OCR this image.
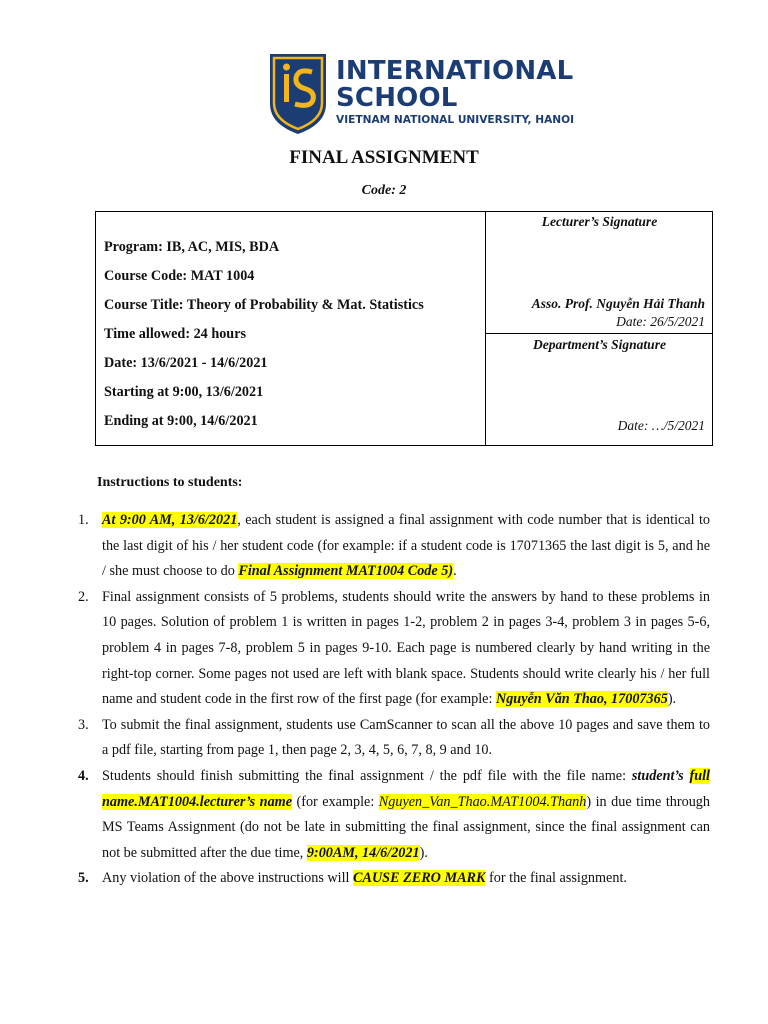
INTERNATIONAL
SCHOOL
VIETNAM NATIONAL UNIVERSITY, HANOI
FINAL ASSIGNMENT
Code: 2
Program: IB, AC, MIS, BDA
Course Code: MAT 1004
Course Title: Theory of Probability & Mat. Statistics
Time allowed: 24 hours
Date: 13/6/2021 - 14/6/2021
Starting at 9:00, 13/6/2021
Ending at 9:00, 14/6/2021
Lecturer’s Signature
Asso. Prof. Nguyễn Hải Thanh
Date: 26/5/2021
Department’s Signature
Date: …/5/2021
Instructions to students:
1. At 9:00 AM, 13/6/2021, each student is assigned a final assignment with code number that is identical to the last digit of his / her student code (for example: if a student code is 17071365 the last digit is 5, and he / she must choose to do Final Assignment MAT1004 Code 5).
2. Final assignment consists of 5 problems, students should write the answers by hand to these problems in 10 pages. Solution of problem 1 is written in pages 1-2, problem 2 in pages 3-4, problem 3 in pages 5-6, problem 4 in pages 7-8, problem 5 in pages 9-10. Each page is numbered clearly by hand writing in the right-top corner. Some pages not used are left with blank space. Students should write clearly his / her full name and student code in the first row of the first page (for example: Nguyễn Văn Thao, 17007365).
3. To submit the final assignment, students use CamScanner to scan all the above 10 pages and save them to a pdf file, starting from page 1, then page 2, 3, 4, 5, 6, 7, 8, 9 and 10.
4. Students should finish submitting the final assignment / the pdf file with the file name: student’s full name.MAT1004.lecturer’s name (for example: Nguyen_Van_Thao.MAT1004.Thanh) in due time through MS Teams Assignment (do not be late in submitting the final assignment, since the final assignment can not be submitted after the due time, 9:00AM, 14/6/2021).
5. Any violation of the above instructions will CAUSE ZERO MARK for the final assignment.
